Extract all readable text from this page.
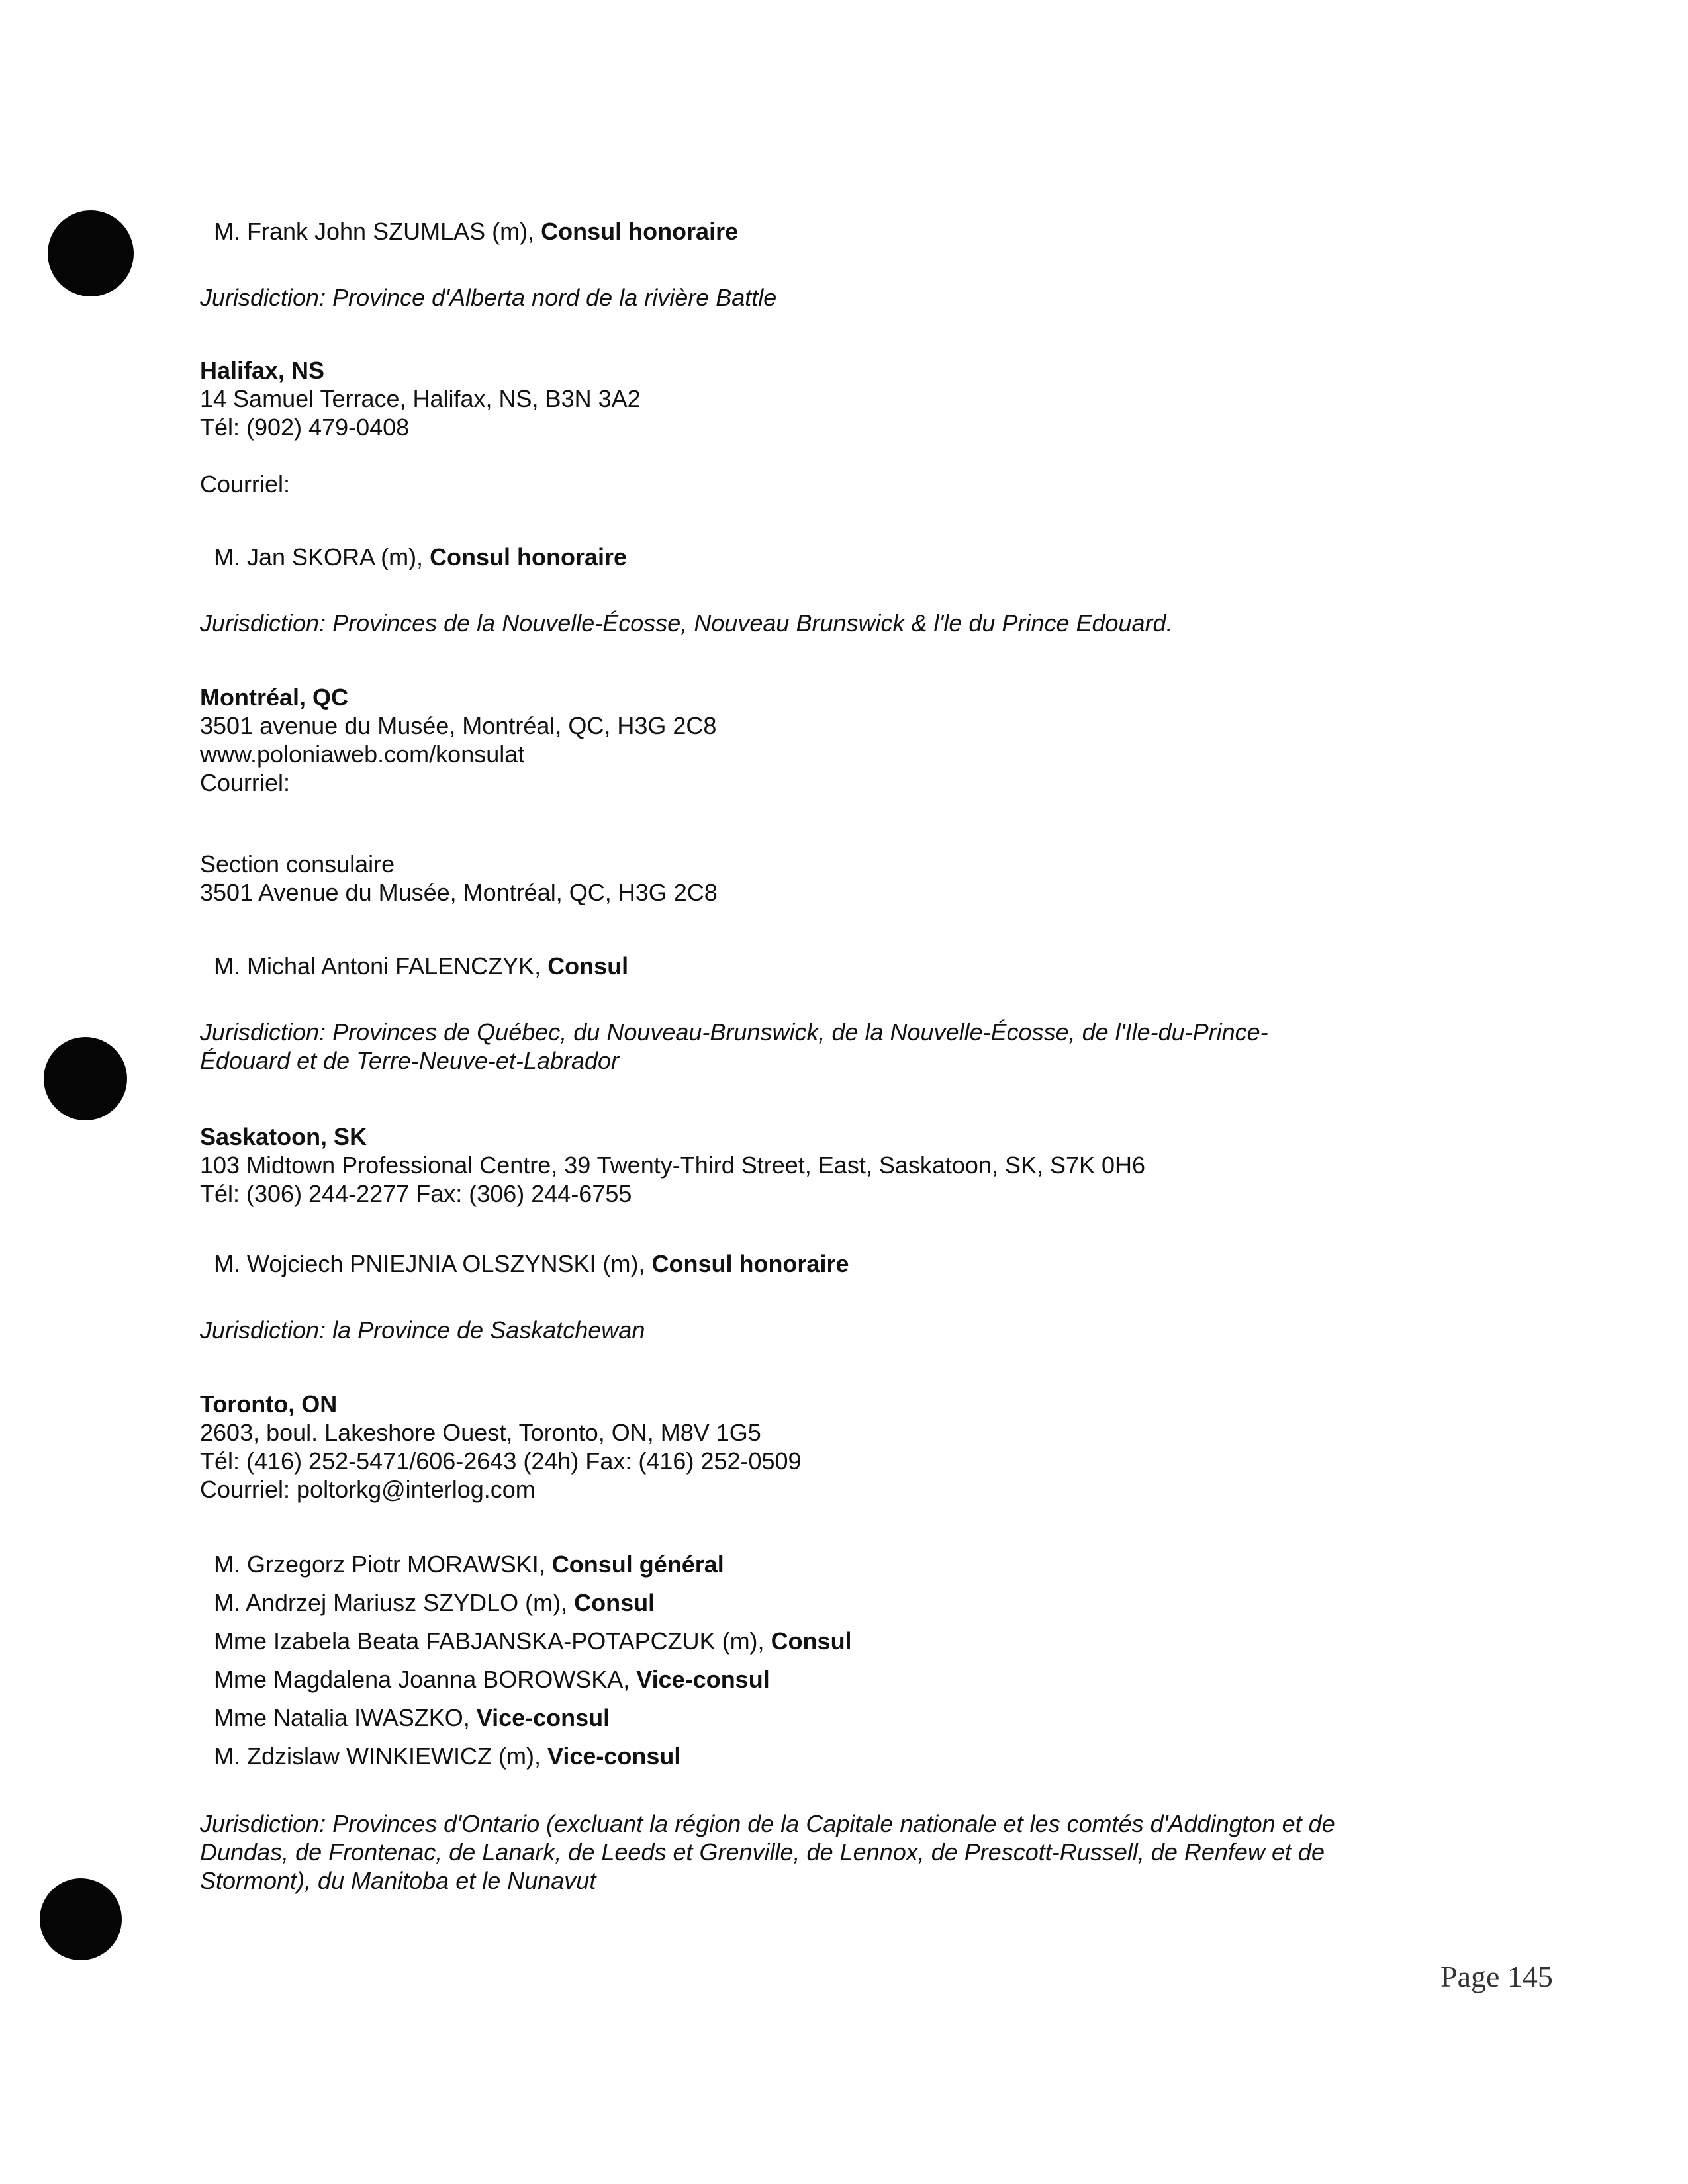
M. Frank John SZUMLAS (m), Consul honoraire
Jurisdiction: Province d'Alberta nord de la rivière Battle
Halifax, NS
14 Samuel Terrace, Halifax, NS, B3N 3A2
Tél: (902) 479-0408
Courriel:
M. Jan SKORA (m), Consul honoraire
Jurisdiction: Provinces de la Nouvelle-Écosse, Nouveau Brunswick & l'le du Prince Edouard.
Montréal, QC
3501 avenue du Musée, Montréal, QC, H3G 2C8
www.poloniaweb.com/konsulat
Courriel:
Section consulaire
3501 Avenue du Musée, Montréal, QC, H3G 2C8
M. Michal Antoni FALENCZYK, Consul
Jurisdiction: Provinces de Québec, du Nouveau-Brunswick, de la Nouvelle-Écosse, de l'Ile-du-Prince-
Édouard et de Terre-Neuve-et-Labrador
Saskatoon, SK
103 Midtown Professional Centre, 39 Twenty-Third Street, East, Saskatoon, SK, S7K 0H6
Tél: (306) 244-2277 Fax: (306) 244-6755
M. Wojciech PNIEJNIA OLSZYNSKI (m), Consul honoraire
Jurisdiction: la Province de Saskatchewan
Toronto, ON
2603, boul. Lakeshore Ouest, Toronto, ON, M8V 1G5
Tél: (416) 252-5471/606-2643 (24h) Fax: (416) 252-0509
Courriel: poltorkg@interlog.com
M. Grzegorz Piotr MORAWSKI, Consul général
M. Andrzej Mariusz SZYDLO (m), Consul
Mme Izabela Beata FABJANSKA-POTAPCZUK (m), Consul
Mme Magdalena Joanna BOROWSKA, Vice-consul
Mme Natalia IWASZKO, Vice-consul
M. Zdzislaw WINKIEWICZ (m), Vice-consul
Jurisdiction: Provinces d'Ontario (excluant la région de la Capitale nationale et les comtés d'Addington et de
Dundas, de Frontenac, de Lanark, de Leeds et Grenville, de Lennox, de Prescott-Russell, de Renfew et de
Stormont), du Manitoba et le Nunavut
Page 145
